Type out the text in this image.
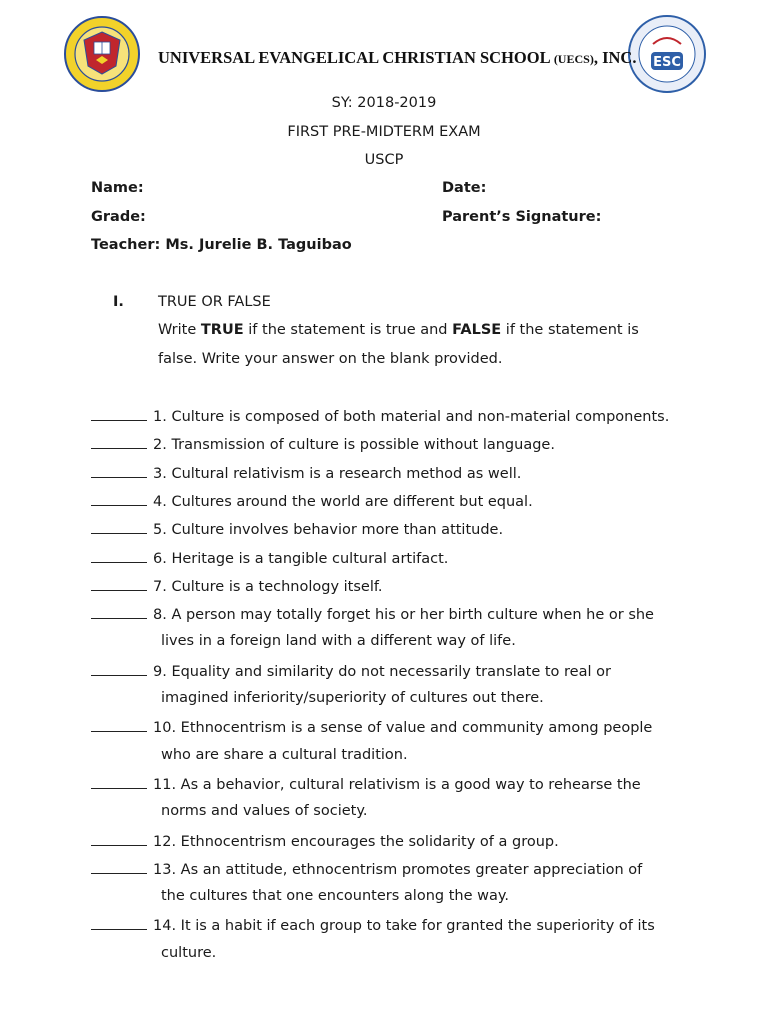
ESC
UNIVERSAL EVANGELICAL CHRISTIAN SCHOOL (UECS), INC.
SY: 2018-2019
FIRST PRE-MIDTERM EXAM
USCP
Name:	Date:
Grade:	Parent’s Signature:
Teacher: Ms. Jurelie B. Taguibao
I. TRUE OR FALSE
Write TRUE if the statement is true and FALSE if the statement is
false. Write your answer on the blank provided.
1. Culture is composed of both material and non-material components.
2. Transmission of culture is possible without language.
3. Cultural relativism is a research method as well.
4. Cultures around the world are different but equal.
5. Culture involves behavior more than attitude.
6. Heritage is a tangible cultural artifact.
7. Culture is a technology itself.
8. A person may totally forget his or her birth culture when he or she
lives in a foreign land with a different way of life.
9. Equality and similarity do not necessarily translate to real or
imagined inferiority/superiority of cultures out there.
10. Ethnocentrism is a sense of value and community among people
who are share a cultural tradition.
11. As a behavior, cultural relativism is a good way to rehearse the
norms and values of society.
12. Ethnocentrism encourages the solidarity of a group.
13. As an attitude, ethnocentrism promotes greater appreciation of
the cultures that one encounters along the way.
14. It is a habit if each group to take for granted the superiority of its
culture.
